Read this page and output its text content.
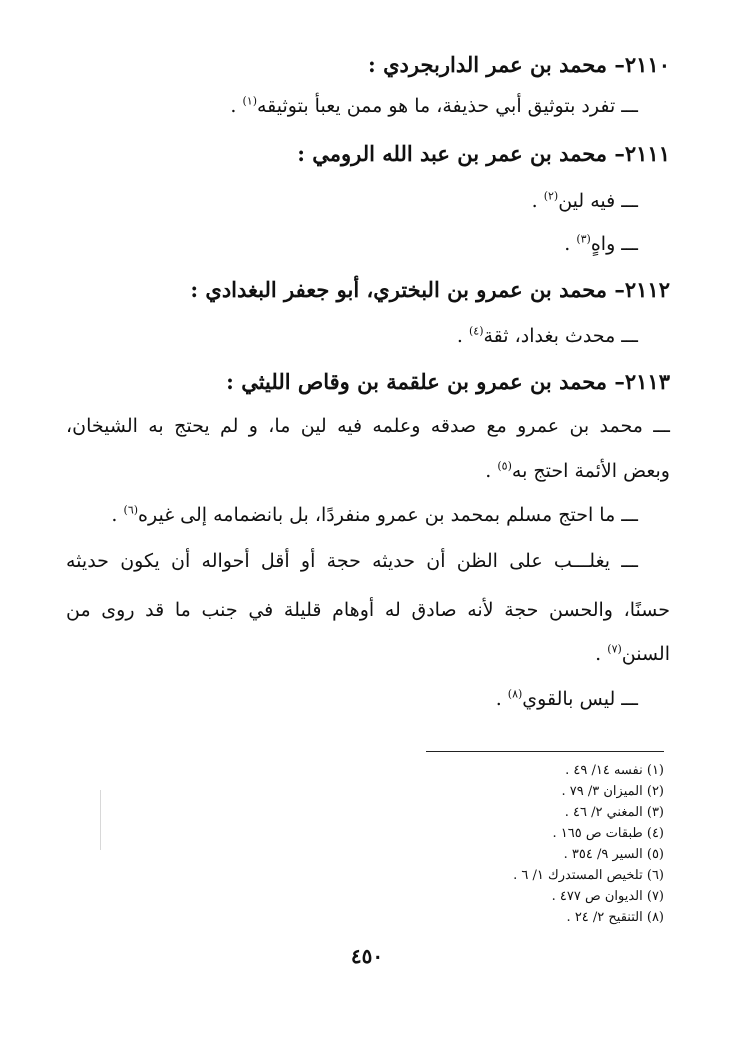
٢١١٠– محمد بن عمر الداربجردي :
ـــ تفرد بتوثيق أبي حذيفة، ما هو ممن يعبأ بتوثيقه$^{(١)}$ .
٢١١١– محمد بن عمر بن عبد الله الرومي :
ـــ فيه لين$^{(٢)}$ .
ـــ واهٍ$^{(٣)}$ .
٢١١٢– محمد بن عمرو بن البختري، أبو جعفر البغدادي :
ـــ محدث بغداد، ثقة$^{(٤)}$ .
٢١١٣– محمد بن عمرو بن علقمة بن وقاص الليثي :
ـــ محمد بن عمرو مع صدقه وعلمه فيه لين ما، و لم يحتج به الشيخان،
وبعض الأئمة احتج به$^{(٥)}$ .
ـــ ما احتج مسلم بمحمد بن عمرو منفردًا، بل بانضمامه إلى غيره$^{(٦)}$ .
ـــ يغلـــب على الظن أن حديثه حجة أو أقل أحواله أن يكون حديثه
حسنًا، والحسن حجة لأنه صادق له أوهام قليلة في جنب ما قد روى من
السنن$^{(٧)}$ .
ـــ ليس بالقوي$^{(٨)}$ .
(١) نفسه ١٤/ ٤٩ .
(٢) الميزان ٣/ ٧٩ .
(٣) المغني ٢/ ٤٦ .
(٤) طبقات ص ١٦٥ .
(٥) السير ٩/ ٣٥٤ .
(٦) تلخيص المستدرك ١/ ٦ .
(٧) الديوان ص ٤٧٧ .
(٨) التنقيح ٢/ ٢٤ .
٤٥٠
